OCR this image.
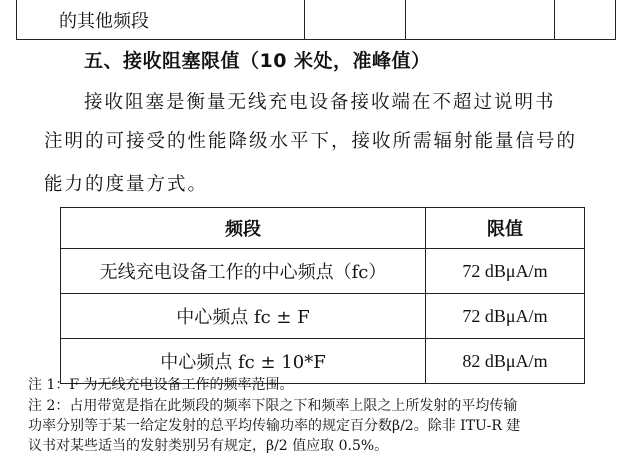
的其他频段			
五、接收阻塞限值（10 米处，准峰值）
接收阻塞是衡量无线充电设备接收端在不超过说明书
注明的可接受的性能降级水平下，接收所需辐射能量信号的
能力的度量方式。
频段	限值
无线充电设备工作的中心频点（fc）	72 dBμA/m
中心频点 fc ± F	72 dBμA/m
中心频点 fc ± 10*F	82 dBμA/m
注 1：F 为无线充电设备工作的频率范围。
注 2：占用带宽是指在此频段的频率下限之下和频率上限之上所发射的平均传输
功率分别等于某一给定发射的总平均传输功率的规定百分数β/2。除非 ITU-R 建
议书对某些适当的发射类别另有规定，β/2 值应取 0.5%。
